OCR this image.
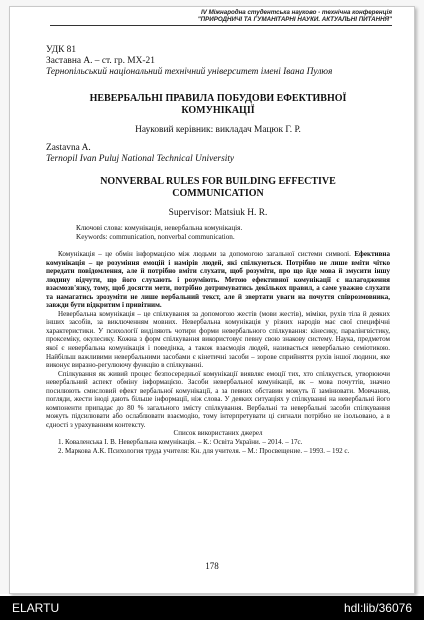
IV Міжнародна студентська науково - технічна конференція
"ПРИРОДНИЧІ ТА ГУМАНІТАРНІ НАУКИ. АКТУАЛЬНІ ПИТАННЯ"

УДК 81

Заставна А. – ст. гр. МХ-21

Тернопільський національний технічний університет імені Івана Пулюя

НЕВЕРБАЛЬНІ ПРАВИЛА ПОБУДОВИ ЕФЕКТИВНОЇ

КОМУНІКАЦІЇ

Науковий керівник: викладач Мацюк Г. Р.

Zastavna A.

Ternopil Ivan Puluj National Technical University

NONVERBAL RULES FOR BUILDING EFFECTIVE

COMMUNICATION

Supervisor: Matsiuk H. R.

Ключові слова: комунікація, невербальна комунікація.

Keywords: communication, nonverbal communication.

Комунікація – це обмін інформацією між людьми за допомогою загальної системи символі. Ефективна комунікація – це розуміння емоцій і намірів людей, які спілкуються. Потрібно не лише вміти чітко передати повідомлення, але й потрібно вміти слухати, щоб розуміти, про що йде мова й змусити іншу людину відчути, що його слухають і розуміють. Метою ефективної комунікації є налагодження взаємозв'язку, тому, щоб досягти мети, потрібно дотримуватись декількох правил, а саме уважно слухати та намагатись зрозуміти не лише вербальний текст, але й звертати уваги на почуття співрозмовника, завжди бути відкритим і привітним.

Невербальна комунікація – це спілкування за допомогою жестів (мови жестів), міміки, рухів тіла й деяких інших засобів, за виключенням мовних. Невербальна комунікація у різних народів має свої специфічні характеристики. У психології виділяють чотири форми невербального спілкування: кінесику, паралінгвістику, проксеміку, окулесику. Кожна з форм спілкування використовує певну свою знакову систему. Наука, предметом якої є невербальна комунікація і поведінка, а також взаємодія людей, називається невербально семіотикою. Найбільш важливими невербальними засобами є кінетичні засоби – зорове сприйняття рухів іншої людини, яке виконує виразно-регулюючу функцію в спілкуванні.

Спілкування як живий процес безпосередньої комунікації виявляє емоції тих, хто спілкується, утворюючи невербальний аспект обміну інформацією. Засоби невербальної комунікації, як – мова почуттів, значно посилюють смисловий ефект вербальної комунікації, а за певних обставин можуть її замінювати. Мовчання, погляди, жести іноді дають більше інформації, ніж слова. У деяких ситуаціях у спілкуванні на невербальні його компоненти припадає до 80 % загального змісту спілкування. Вербальні та невербальні засоби спілкування можуть підсилювати або ослаблювати взаємодію, тому інтерпретувати ці сигнали потрібно не ізольовано, а в єдності з урахуванням контексту.

Список використаних джерел

1. Коваленська І. В. Невербальна комунікація. – К.: Освіта України. – 2014. – 17с.

2. Маркова А.К. Психология труда учителя: Кн. для учителя. – М.: Просвещение. – 1993. – 192 с.

178
ELARTU	hdl:lib/36076
